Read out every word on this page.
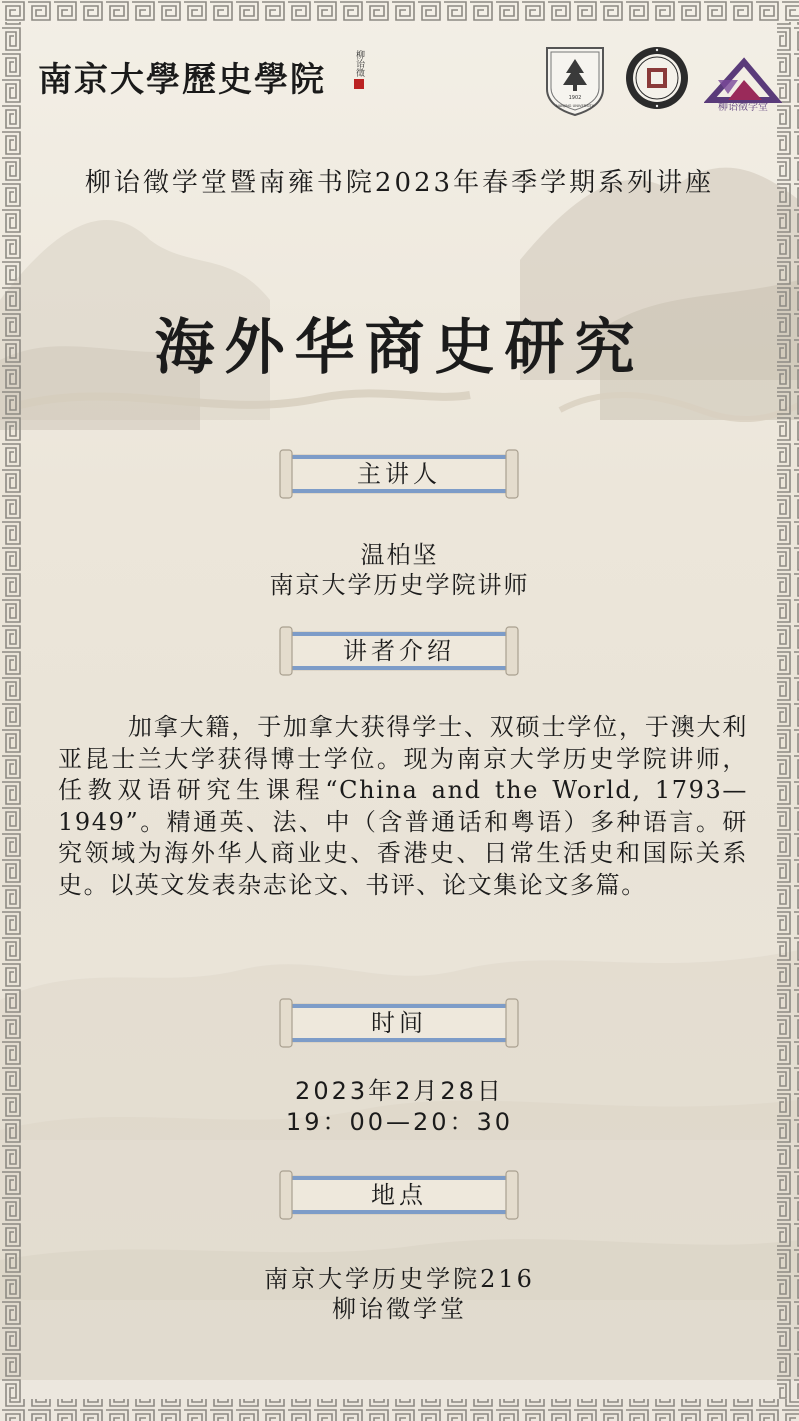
南京大學歷史學院	柳诒徵
1902
NANJING UNIVERSITY	柳诒徵学堂
柳诒徵学堂暨南雍书院2023年春季学期系列讲座
海外华商史研究
主讲人
温柏坚
南京大学历史学院讲师
讲者介绍
加拿大籍，于加拿大获得学士、双硕士学位，于澳大利亚昆士兰大学获得博士学位。现为南京大学历史学院讲师，任教双语研究生课程“China and the World, 1793—1949”。精通英、法、中（含普通话和粤语）多种语言。研究领域为海外华人商业史、香港史、日常生活史和国际关系史。以英文发表杂志论文、书评、论文集论文多篇。
时间
2023年2月28日
19：00—20：30
地点
南京大学历史学院216
柳诒徵学堂
